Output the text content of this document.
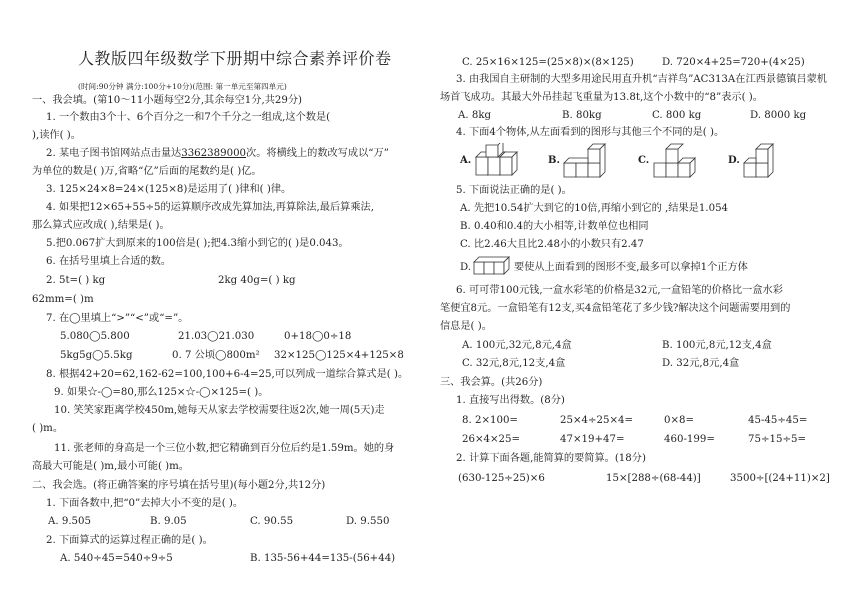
人教版四年级数学下册期中综合素养评价卷
(时间:90分钟 满分:100分+10分)(范围: 第一单元至第四单元)
一、我会填。(第10～11小题每空2分,其余每空1分,共29分)
1. 一个数由3个十、6个百分之一和7个千分之一组成,这个数是(
),读作( )。
2. 某电子图书馆网站点击量达3362389000次。将横线上的数改写成以“万”
为单位的数是( )万,省略“亿”后面的尾数约是( )亿。
3. 125×24×8=24×(125×8)是运用了( )律和( )律。
4. 如果把12×65+55÷5的运算顺序改成先算加法,再算除法,最后算乘法,
那么算式应改成( ),结果是( )。
5.把0.067扩大到原来的100倍是( );把4.3缩小到它的( )是0.043。
6. 在括号里填上合适的数。
2. 5t=( ) kg	2kg 40g=( ) kg
62mm=( )m
7. 在◯里填上“>”“<”或“=”。
5.080◯5.800	21.03◯21.030	0+18◯0÷18
5kg5g◯5.5kg	0. 7 公顷◯800m² 32×125◯125×4+125×8
8. 根据42+20=62,162-62=100,100+6-4=25,可以列成一道综合算式是( )。
9. 如果☆-◯=80,那么125×☆-◯×125=( )。
10. 笑笑家距离学校450m,她每天从家去学校需要往返2次,她一周(5天)走
( )m。
11. 张老师的身高是一个三位小数,把它精确到百分位后约是1.59m。她的身
高最大可能是( )m,最小可能( )m。
二、我会选。(将正确答案的序号填在括号里)(每小题2分,共12分)
1. 下面各数中,把“0”去掉大小不变的是( )。
A. 9.505	B. 9.05	C. 90.55	D. 9.550
2. 下面算式的运算过程正确的是( )。
A. 540÷45=540÷9÷5	B. 135-56+44=135-(56+44)
C. 25×16×125=(25×8)×(8×125)	D. 720×4+25=720+(4×25)
3. 由我国自主研制的大型多用途民用直升机“吉祥鸟”AC313A在江西景德镇吕蒙机
场首飞成功。其最大外吊挂起飞重量为13.8t,这个小数中的“8”表示( )。
A. 8kg	B. 80kg	C. 800 kg	D. 8000 kg
4. 下面4个物体,从左面看到的图形与其他三个不同的是( )。
A.	B.	C.	D.
5. 下面说法正确的是( )。
A. 先把10.54扩大到它的10倍,再缩小到它的 ,结果是1.054
B. 0.40和0.4的大小相等,计数单位也相同
C. 比2.46大且比2.48小的小数只有2.47
D.	要使从上面看到的图形不变,最多可以拿掉1个正方体
6. 可可带100元钱,一盒水彩笔的价格是32元,一盒铅笔的价格比一盒水彩
笔便宜8元。一盒铅笔有12支,买4盒铅笔花了多少钱?解决这个问题需要用到的
信息是( )。
A. 100元,32元,8元,4盒	B. 100元,8元,12支,4盒
C. 32元,8元,12支,4盒	D. 32元,8元,4盒
三、我会算。(共26分)
1. 直接写出得数。(8分)
8. 2×100=	25×4÷25×4=	0×8=	45-45÷45=
26×4×25=	47×19+47=	460-199=	75÷15÷5=
2. 计算下面各题,能简算的要简算。(18分)
(630-125÷25)×6	15×[288÷(68-44)]	3500÷[(24+11)×2]
